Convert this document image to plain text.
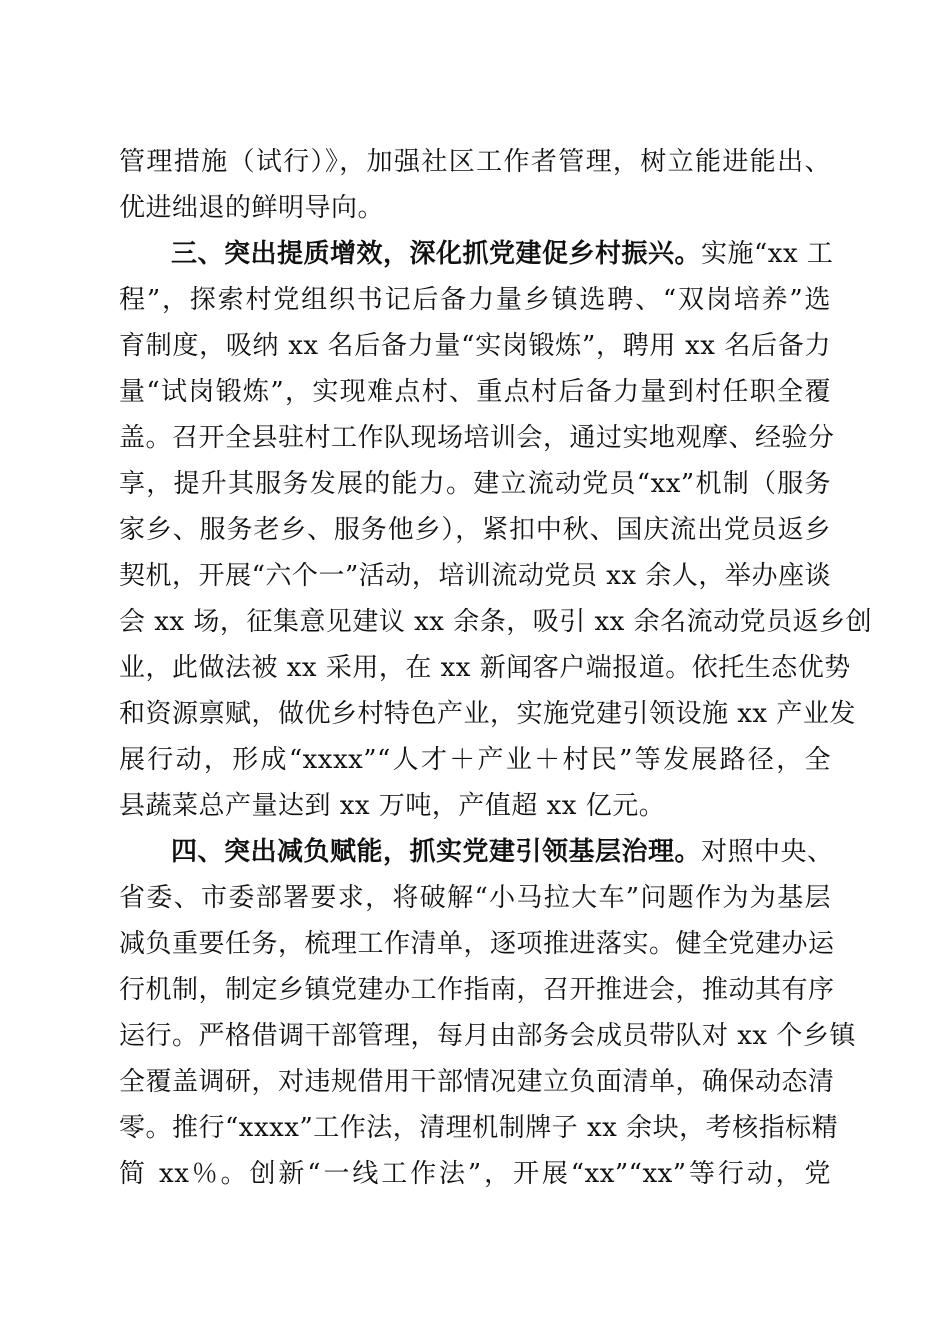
管理措施（试行）》，加强社区工作者管理，树立能进能出、
优进绌退的鲜明导向。
三、突出提质增效，深化抓党建促乡村振兴。实施“xx 工
程”，探索村党组织书记后备力量乡镇选聘、“双岗培养”选
育制度，吸纳 xx 名后备力量“实岗锻炼”，聘用 xx 名后备力
量“试岗锻炼”，实现难点村、重点村后备力量到村任职全覆
盖。召开全县驻村工作队现场培训会，通过实地观摩、经验分
享，提升其服务发展的能力。建立流动党员“xx”机制（服务
家乡、服务老乡、服务他乡），紧扣中秋、国庆流出党员返乡
契机，开展“六个一”活动，培训流动党员 xx 余人，举办座谈
会 xx 场，征集意见建议 xx 余条，吸引 xx 余名流动党员返乡创
业，此做法被 xx 采用，在 xx 新闻客户端报道。依托生态优势
和资源禀赋，做优乡村特色产业，实施党建引领设施 xx 产业发
展行动，形成“xxxx”“人才＋产业＋村民”等发展路径，全
县蔬菜总产量达到 xx 万吨，产值超 xx 亿元。
四、突出减负赋能，抓实党建引领基层治理。对照中央、
省委、市委部署要求，将破解“小马拉大车”问题作为为基层
减负重要任务，梳理工作清单，逐项推进落实。健全党建办运
行机制，制定乡镇党建办工作指南，召开推进会，推动其有序
运行。严格借调干部管理，每月由部务会成员带队对 xx 个乡镇
全覆盖调研，对违规借用干部情况建立负面清单，确保动态清
零。推行“xxxx”工作法，清理机制牌子 xx 余块，考核指标精
简 xx％。创新“一线工作法”，开展“xx”“xx”等行动，党
